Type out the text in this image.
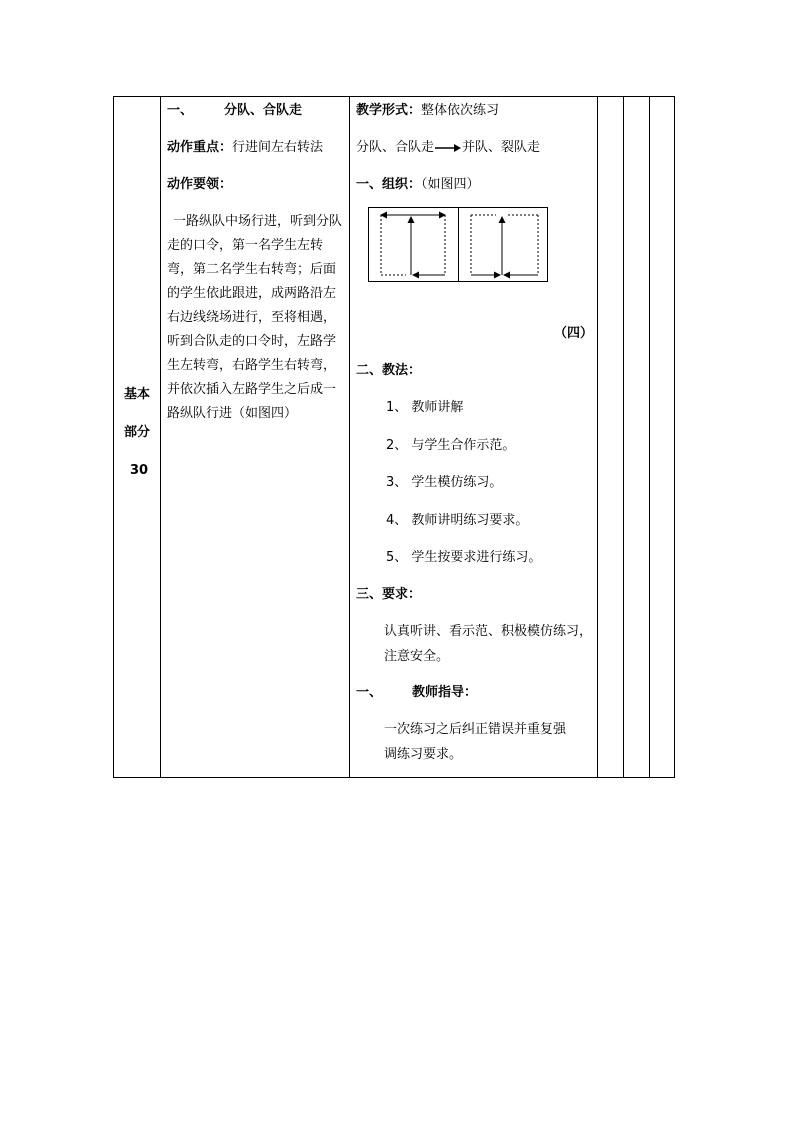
基本
部分
30
一、 分队、合队走
动作重点：行进间左右转法
动作要领：
一路纵队中场行进，听到分队走的口令，第一名学生左转弯，第二名学生右转弯；后面的学生依此跟进，成两路沿左右边线绕场进行，至将相遇，听到合队走的口令时，左路学生左转弯，右路学生右转弯，并依次插入左路学生之后成一路纵队行进（如图四）
教学形式：整体依次练习
分队、合队走 并队、裂队走
一、组织：（如图四）
（四）
二、教法：
1、 教师讲解
2、 与学生合作示范。
3、 学生模仿练习。
4、 教师讲明练习要求。
5、 学生按要求进行练习。
三、要求：
认真听讲、看示范、积极模仿练习，
注意安全。
一、 教师指导：
一次练习之后纠正错误并重复强
调练习要求。
